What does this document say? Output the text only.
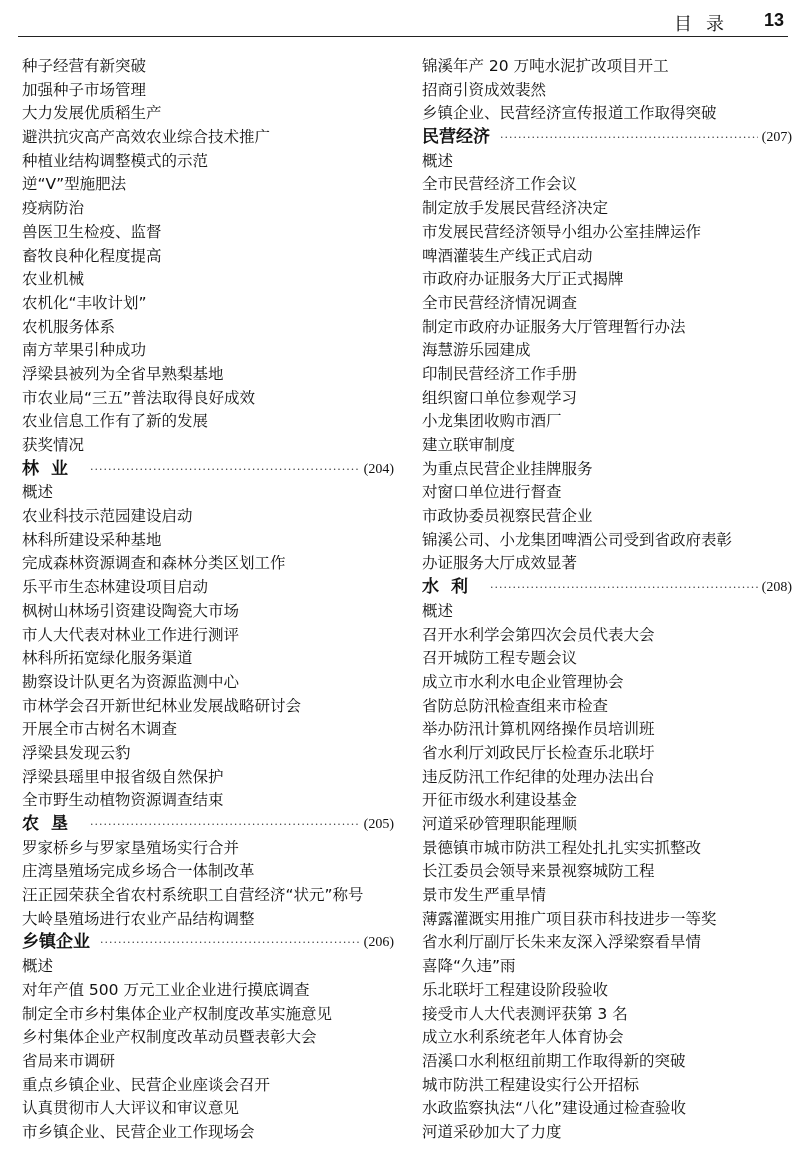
目录 13
种子经营有新突破
加强种子市场管理
大力发展优质稻生产
避洪抗灾高产高效农业综合技术推广
种植业结构调整模式的示范
逆“V”型施肥法
疫病防治
兽医卫生检疫、监督
畜牧良种化程度提高
农业机械
农机化“丰收计划”
农机服务体系
南方苹果引种成功
浮梁县被列为全省早熟梨基地
市农业局“三五”普法取得良好成效
农业信息工作有了新的发展
获奖情况
林业 ·····	(204)
概述
农业科技示范园建设启动
林科所建设采种基地
完成森林资源调查和森林分类区划工作
乐平市生态林建设项目启动
枫树山林场引资建设陶瓷大市场
市人大代表对林业工作进行测评
林科所拓宽绿化服务渠道
勘察设计队更名为资源监测中心
市林学会召开新世纪林业发展战略研讨会
开展全市古树名木调查
浮梁县发现云豹
浮梁县瑶里申报省级自然保护
全市野生动植物资源调查结束
农垦 ·····	(205)
罗家桥乡与罗家垦殖场实行合并
庄湾垦殖场完成乡场合一体制改革
汪正园荣获全省农村系统职工自营经济“状元”称号
大岭垦殖场进行农业产品结构调整
乡镇企业 ·····	(206)
概述
对年产值 500 万元工业企业进行摸底调查
制定全市乡村集体企业产权制度改革实施意见
乡村集体企业产权制度改革动员暨表彰大会
省局来市调研
重点乡镇企业、民营企业座谈会召开
认真贯彻市人大评议和审议意见
市乡镇企业、民营企业工作现场会
锦溪年产 20 万吨水泥扩改项目开工
招商引资成效裴然
乡镇企业、民营经济宣传报道工作取得突破
民营经济 ·····	(207)
概述
全市民营经济工作会议
制定放手发展民营经济决定
市发展民营经济领导小组办公室挂牌运作
啤酒灌装生产线正式启动
市政府办证服务大厅正式揭牌
全市民营经济情况调查
制定市政府办证服务大厅管理暂行办法
海慧游乐园建成
印制民营经济工作手册
组织窗口单位参观学习
小龙集团收购市酒厂
建立联审制度
为重点民营企业挂牌服务
对窗口单位进行督查
市政协委员视察民营企业
锦溪公司、小龙集团啤酒公司受到省政府表彰
办证服务大厅成效显著
水利 ·····	(208)
概述
召开水利学会第四次会员代表大会
召开城防工程专题会议
成立市水利水电企业管理协会
省防总防汛检查组来市检查
举办防汛计算机网络操作员培训班
省水利厅刘政民厅长检查乐北联圩
违反防汛工作纪律的处理办法出台
开征市级水利建设基金
河道采砂管理职能理顺
景德镇市城市防洪工程处扎扎实实抓整改
长江委员会领导来景视察城防工程
景市发生严重旱情
薄露灌溉实用推广项目获市科技进步一等奖
省水利厅副厅长朱来友深入浮梁察看旱情
喜降“久违”雨
乐北联圩工程建设阶段验收
接受市人大代表测评获第 3 名
成立水利系统老年人体育协会
浯溪口水利枢纽前期工作取得新的突破
城市防洪工程建设实行公开招标
水政监察执法“八化”建设通过检查验收
河道采砂加大了力度
